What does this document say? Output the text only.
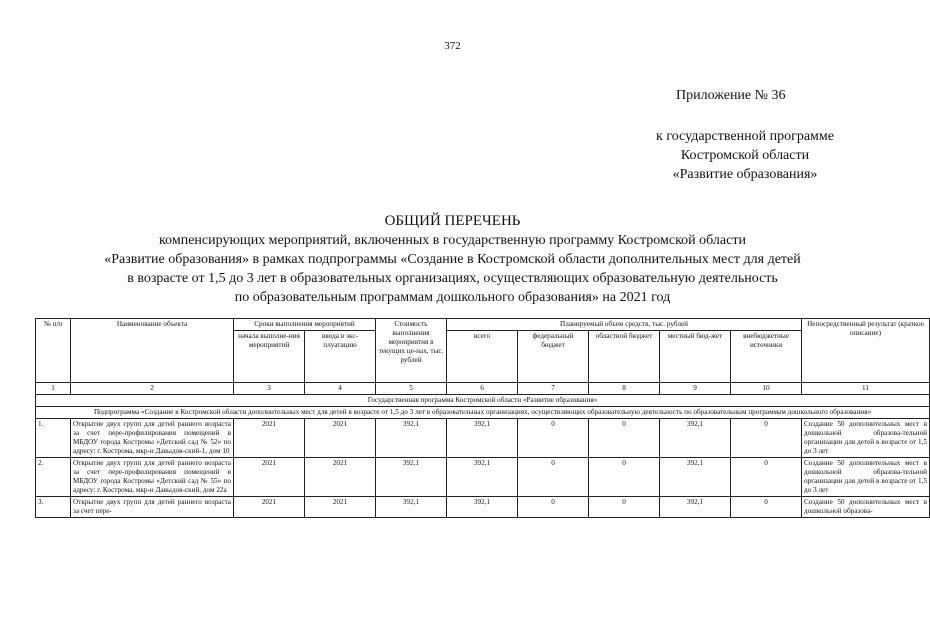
372
Приложение № 36
к государственной программе
Костромской области
«Развитие образования»
ОБЩИЙ ПЕРЕЧЕНЬ
компенсирующих мероприятий, включенных в государственную программу Костромской области
«Развитие образования» в рамках подпрограммы «Создание в Костромской области дополнительных мест для детей
в возрасте от 1,5 до 3 лет в образовательных организациях, осуществляющих образовательную деятельность
по образовательным программам дошкольного образования» на 2021 год
№ п/п	Наименование объекта	Сроки выполнения мероприятий		Стоимость выполнения мероприятия в текущих це-нах, тыс. рублей	Планируемый объем средств, тыс. рублей					Непосредственный результат (краткое описание)
		начала выполне-ния мероприятий	ввода в экс-плуатацию		всего	федеральный бюджет	областной бюджет	местный бюд-жет	внебюджетные источники	
1	2	3	4	5	6	7	8	9	10	11
Государственная программа Костромской области «Развитие образования»										
Подпрограмма «Создание в Костромской области дополнительных мест для детей в возрасте от 1,5 до 3 лет в образовательных организациях, осуществляющих образовательную деятельность по образовательным программам дошкольного образования»										
1.	Открытие двух групп для детей раннего возраста за счет пере-профилирования помещений в МБДОУ города Костромы «Детский сад № 52» по адресу: г. Кострома, мкр-н Давыдов-ский-1, дом 10	2021	2021	392,1	392,1	0	0	392,1	0	Создание 50 дополнительных мест в дошкольной образова-тельной организации для детей в возрасте от 1,5 до 3 лет
2.	Открытие двух групп для детей раннего возраста за счет пере-профилирования помещений в МБДОУ города Костромы «Детский сад № 55» по адресу: г. Кострома, мкр-н Давыдов-ский, дом 22а	2021	2021	392,1	392,1	0	0	392,1	0	Создание 50 дополнительных мест в дошкольной образова-тельной организации для детей в возрасте от 1,5 до 3 лет
3.	Открытие двух групп для детей раннего возраста за счет пере-	2021	2021	392,1	392,1	0	0	392,1	0	Создание 50 дополнительных мест в дошкольной образова-
